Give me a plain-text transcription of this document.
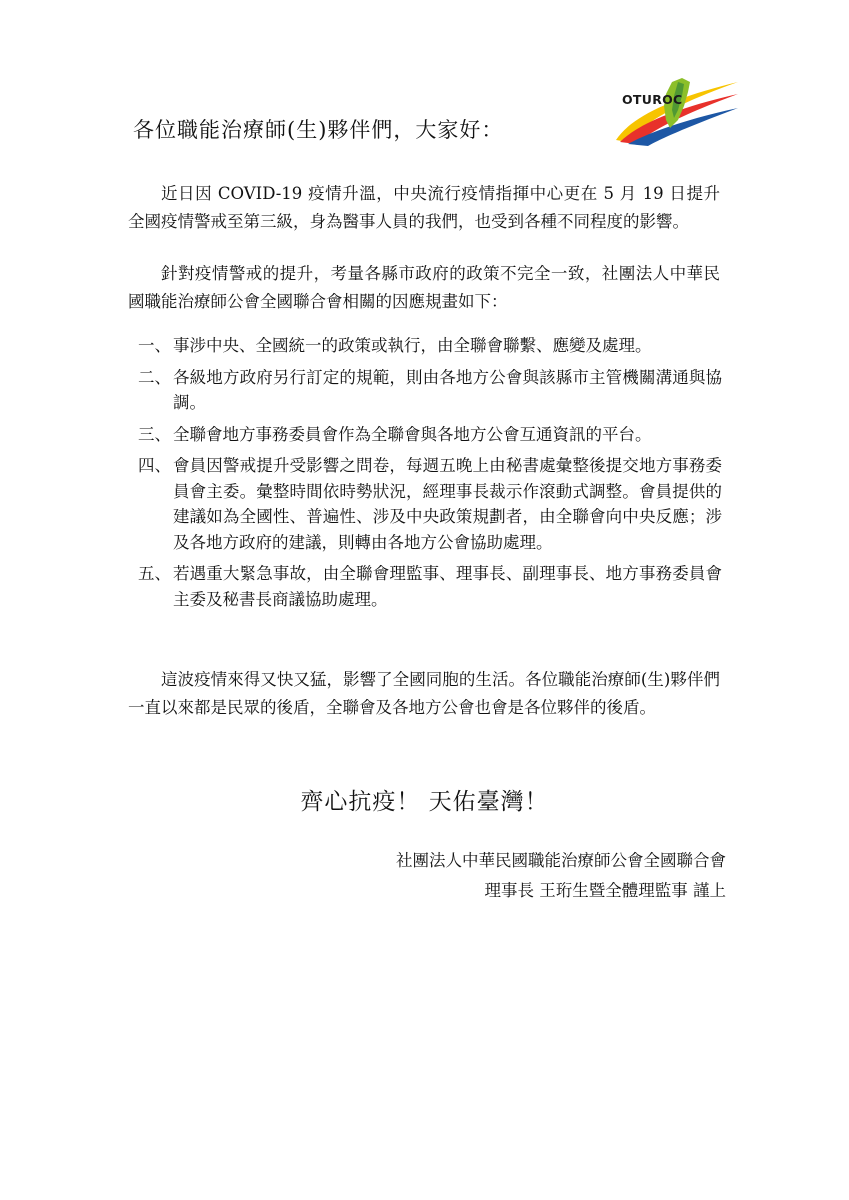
OTUROC
各位職能治療師(生)夥伴們，大家好：

近日因 COVID-19 疫情升溫，中央流行疫情指揮中心更在 5 月 19 日提升全國疫情警戒至第三級，身為醫事人員的我們，也受到各種不同程度的影響。

針對疫情警戒的提升，考量各縣市政府的政策不完全一致，社團法人中華民國職能治療師公會全國聯合會相關的因應規畫如下：

一、 事涉中央、全國統一的政策或執行，由全聯會聯繫、應變及處理。
二、 各級地方政府另行訂定的規範，則由各地方公會與該縣市主管機關溝通與協調。
三、 全聯會地方事務委員會作為全聯會與各地方公會互通資訊的平台。
四、 會員因警戒提升受影響之問卷，每週五晚上由秘書處彙整後提交地方事務委員會主委。彙整時間依時勢狀況，經理事長裁示作滾動式調整。會員提供的建議如為全國性、普遍性、涉及中央政策規劃者，由全聯會向中央反應；涉及各地方政府的建議，則轉由各地方公會協助處理。
五、 若遇重大緊急事故，由全聯會理監事、理事長、副理事長、地方事務委員會主委及秘書長商議協助處理。

這波疫情來得又快又猛，影響了全國同胞的生活。各位職能治療師(生)夥伴們一直以來都是民眾的後盾，全聯會及各地方公會也會是各位夥伴的後盾。

齊心抗疫！ 天佑臺灣！
社團法人中華民國職能治療師公會全國聯合會
理事長 王珩生暨全體理監事 謹上
